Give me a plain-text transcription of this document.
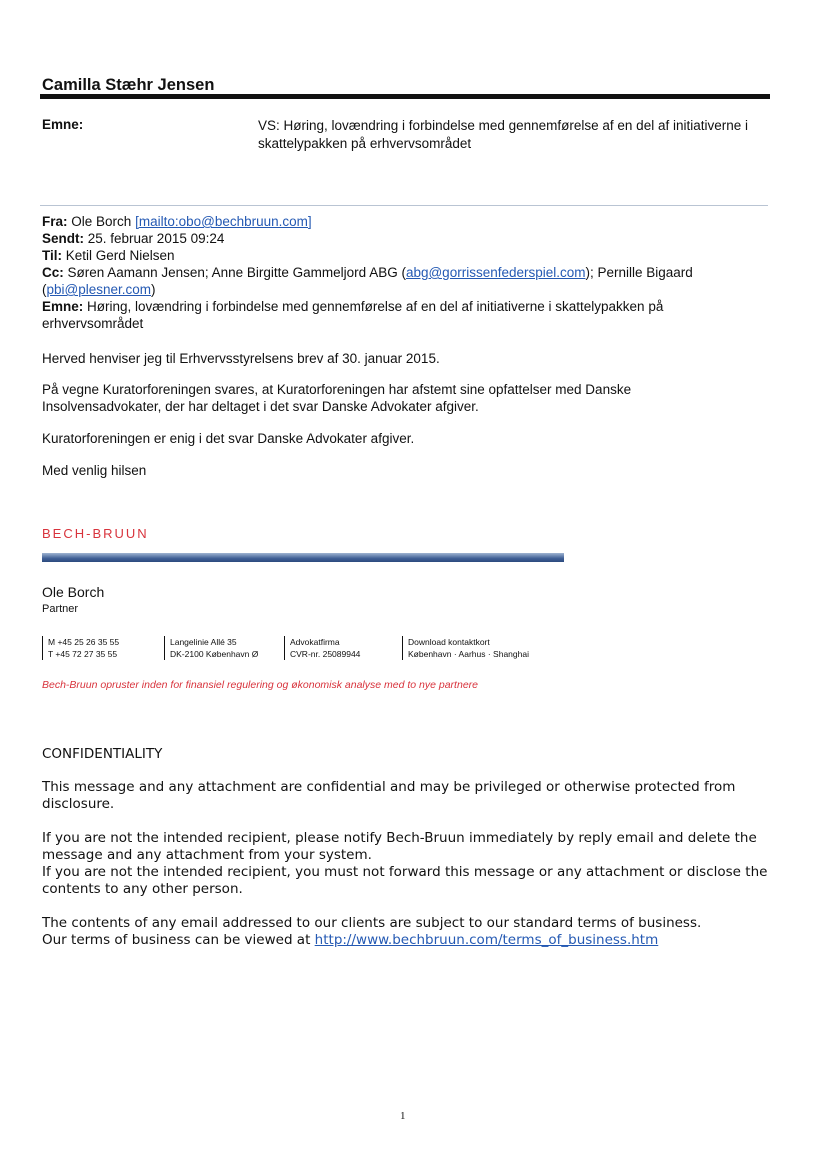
Camilla Stæhr Jensen
Emne:	VS: Høring, lovændring i forbindelse med gennemførelse af en del af initiativerne i skattelypakken på erhvervsområdet
Fra: Ole Borch [mailto:obo@bechbruun.com]
Sendt: 25. februar 2015 09:24
Til: Ketil Gerd Nielsen
Cc: Søren Aamann Jensen; Anne Birgitte Gammeljord ABG (abg@gorrissenfederspiel.com); Pernille Bigaard (pbi@plesner.com)
Emne: Høring, lovændring i forbindelse med gennemførelse af en del af initiativerne i skattelypakken på erhvervsområdet
Herved henviser jeg til Erhvervsstyrelsens brev af 30. januar 2015.
På vegne Kuratorforeningen svares, at Kuratorforeningen har afstemt sine opfattelser med Danske Insolvensadvokater, der har deltaget i det svar Danske Advokater afgiver.
Kuratorforeningen er enig i det svar Danske Advokater afgiver.
Med venlig hilsen
BECH-BRUUN
Ole Borch
Partner
M +45 25 26 35 55
T +45 72 27 35 55
Langelinie Allé 35
DK-2100 København Ø
Advokatfirma
CVR-nr. 25089944
Download kontaktkort
København · Aarhus · Shanghai
Bech-Bruun opruster inden for finansiel regulering og økonomisk analyse med to nye partnere
CONFIDENTIALITY
This message and any attachment are confidential and may be privileged or otherwise protected from disclosure.
If you are not the intended recipient, please notify Bech-Bruun immediately by reply email and delete the message and any attachment from your system.
If you are not the intended recipient, you must not forward this message or any attachment or disclose the contents to any other person.
The contents of any email addressed to our clients are subject to our standard terms of business.
Our terms of business can be viewed at http://www.bechbruun.com/terms_of_business.htm
1
